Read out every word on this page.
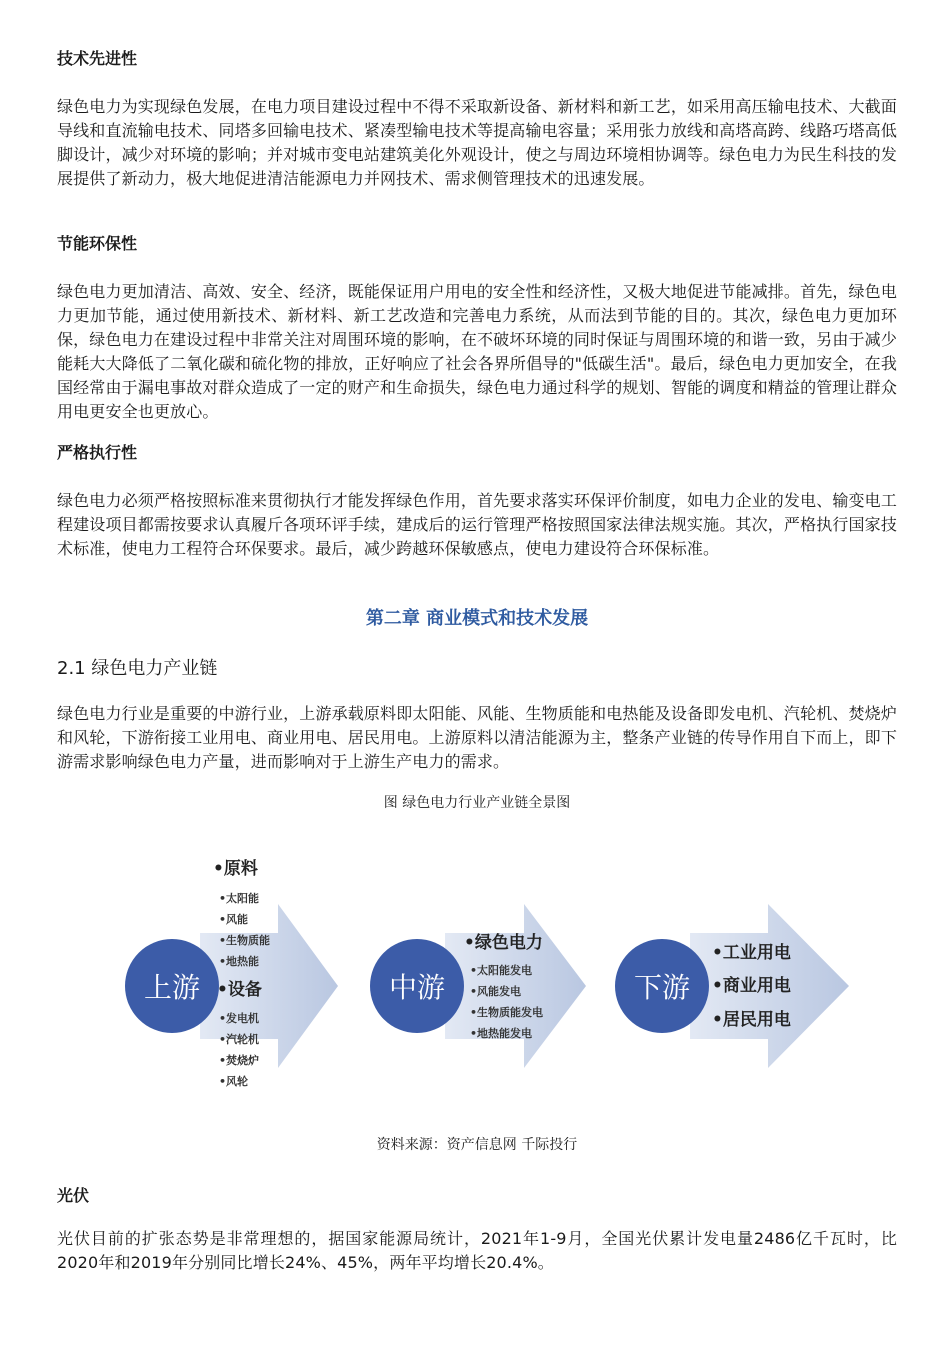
技术先进性
绿色电力为实现绿色发展，在电力项目建设过程中不得不采取新设备、新材料和新工艺，如采用高压输电技术、大截面导线和直流输电技术、同塔多回输电技术、紧凑型输电技术等提高输电容量；采用张力放线和高塔高跨、线路巧塔高低脚设计，减少对环境的影响；并对城市变电站建筑美化外观设计，使之与周边环境相协调等。绿色电力为民生科技的发展提供了新动力，极大地促进清洁能源电力并网技术、需求侧管理技术的迅速发展。
节能环保性
绿色电力更加清洁、高效、安全、经济，既能保证用户用电的安全性和经济性，又极大地促进节能减排。首先，绿色电力更加节能，通过使用新技术、新材料、新工艺改造和完善电力系统，从而法到节能的目的。其次，绿色电力更加环保，绿色电力在建设过程中非常关注对周围环境的影响，在不破坏环境的同时保证与周围环境的和谐一致，另由于减少能耗大大降低了二氧化碳和硫化物的排放，正好响应了社会各界所倡导的"低碳生活"。最后，绿色电力更加安全，在我国经常由于漏电事故对群众造成了一定的财产和生命损失，绿色电力通过科学的规划、智能的调度和精益的管理让群众用电更安全也更放心。
严格执行性
绿色电力必须严格按照标准来贯彻执行才能发挥绿色作用，首先要求落实环保评价制度，如电力企业的发电、输变电工程建设项目都需按要求认真履斤各项环评手续，建成后的运行管理严格按照国家法律法规实施。其次，严格执行国家技术标准，使电力工程符合环保要求。最后，减少跨越环保敏感点，使电力建设符合环保标准。
第二章 商业模式和技术发展
2.1 绿色电力产业链
绿色电力行业是重要的中游行业，上游承载原料即太阳能、风能、生物质能和电热能及设备即发电机、汽轮机、焚烧炉和风轮，下游衔接工业用电、商业用电、居民用电。上游原料以清洁能源为主，整条产业链的传导作用自下而上，即下游需求影响绿色电力产量，进而影响对于上游生产电力的需求。
图 绿色电力行业产业链全景图
资料来源：资产信息网 千际投行
光伏
光伏目前的扩张态势是非常理想的，据国家能源局统计，2021年1-9月，全国光伏累计发电量2486亿千瓦时，比2020年和2019年分别同比增长24%、45%，两年平均增长20.4%。
上游	中游	下游
•原料
•太阳能
•风能
•生物质能
•地热能
•设备
•发电机
•汽轮机
•焚烧炉
•风轮
•绿色电力
•太阳能发电
•风能发电
•生物质能发电
•地热能发电
•工业用电
•商业用电
•居民用电
